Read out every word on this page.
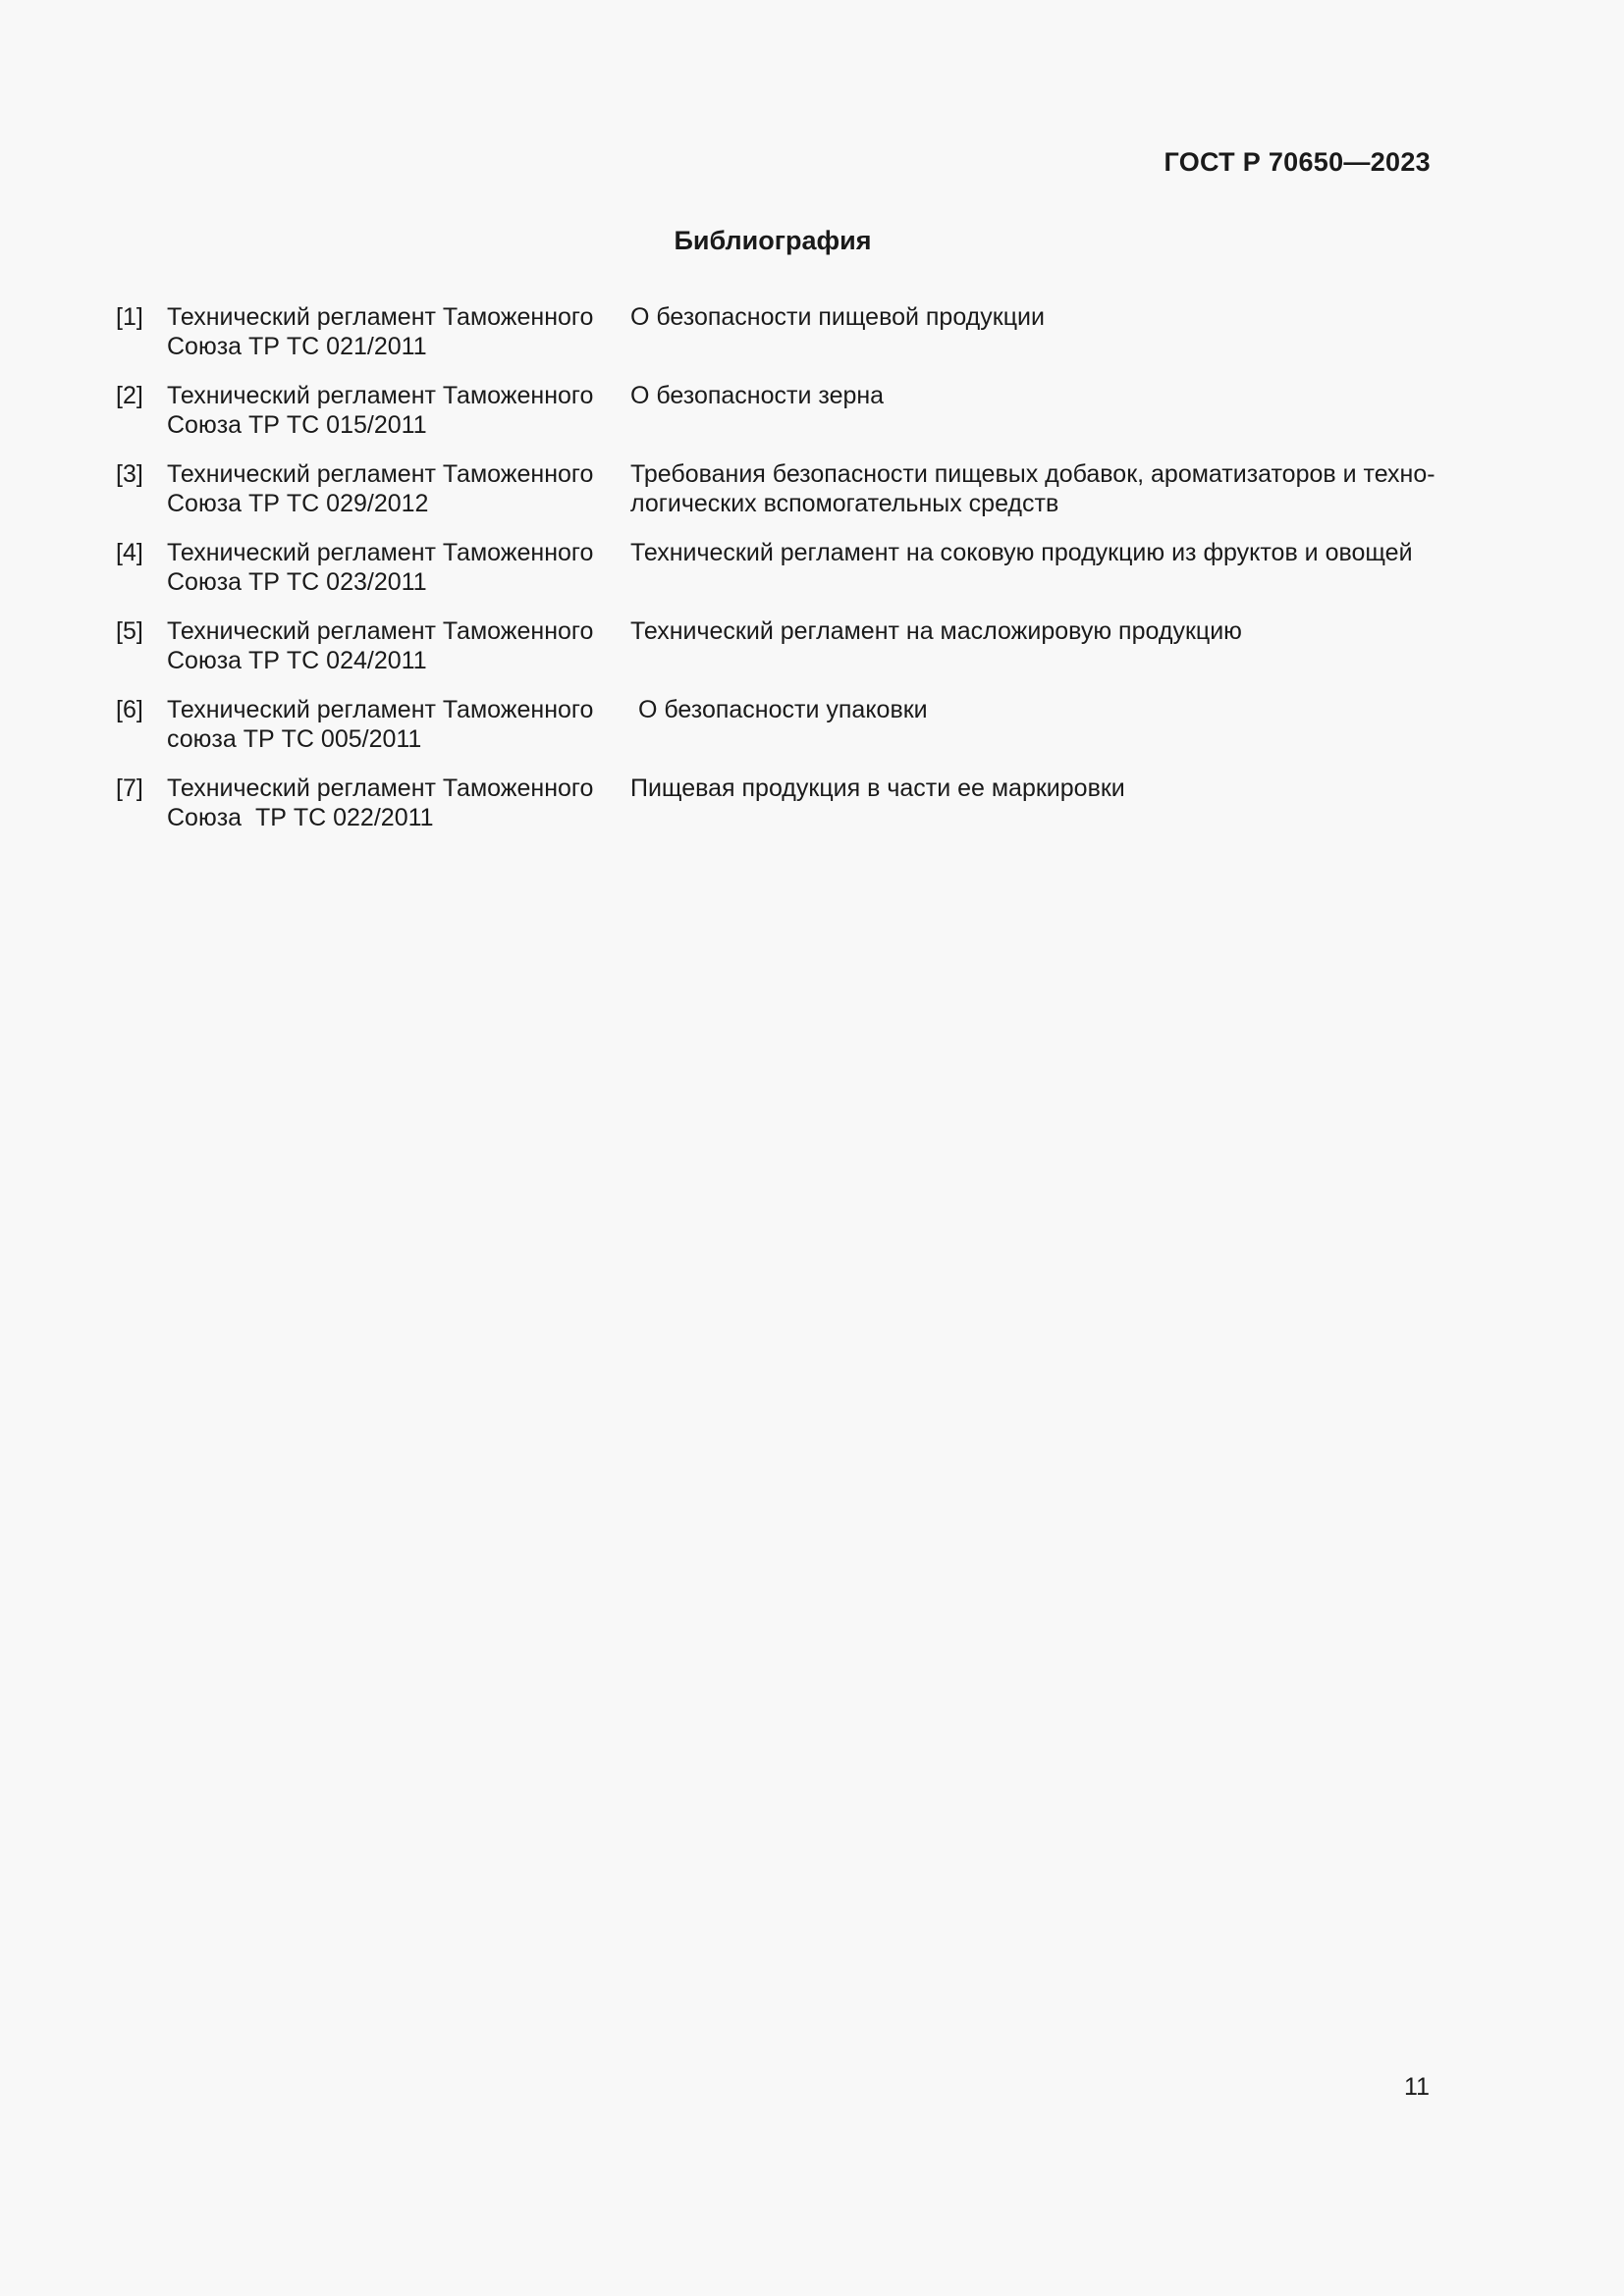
ГОСТ Р 70650—2023
Библиография
[1] Технический регламент Таможенного
Союза ТР ТС 021/2011
О безопасности пищевой продукции
[2] Технический регламент Таможенного
Союза ТР ТС 015/2011
О безопасности зерна
[3] Технический регламент Таможенного
Союза ТР ТС 029/2012
Требования безопасности пищевых добавок, ароматизаторов и техно-
логических вспомогательных средств
[4] Технический регламент Таможенного
Союза ТР ТС 023/2011
Технический регламент на соковую продукцию из фруктов и овощей
[5] Технический регламент Таможенного
Союза ТР ТС 024/2011
Технический регламент на масложировую продукцию
[6] Технический регламент Таможенного
союза ТР ТС 005/2011
О безопасности упаковки
[7] Технический регламент Таможенного
Союза  ТР ТС 022/2011
Пищевая продукция в части ее маркировки
11
